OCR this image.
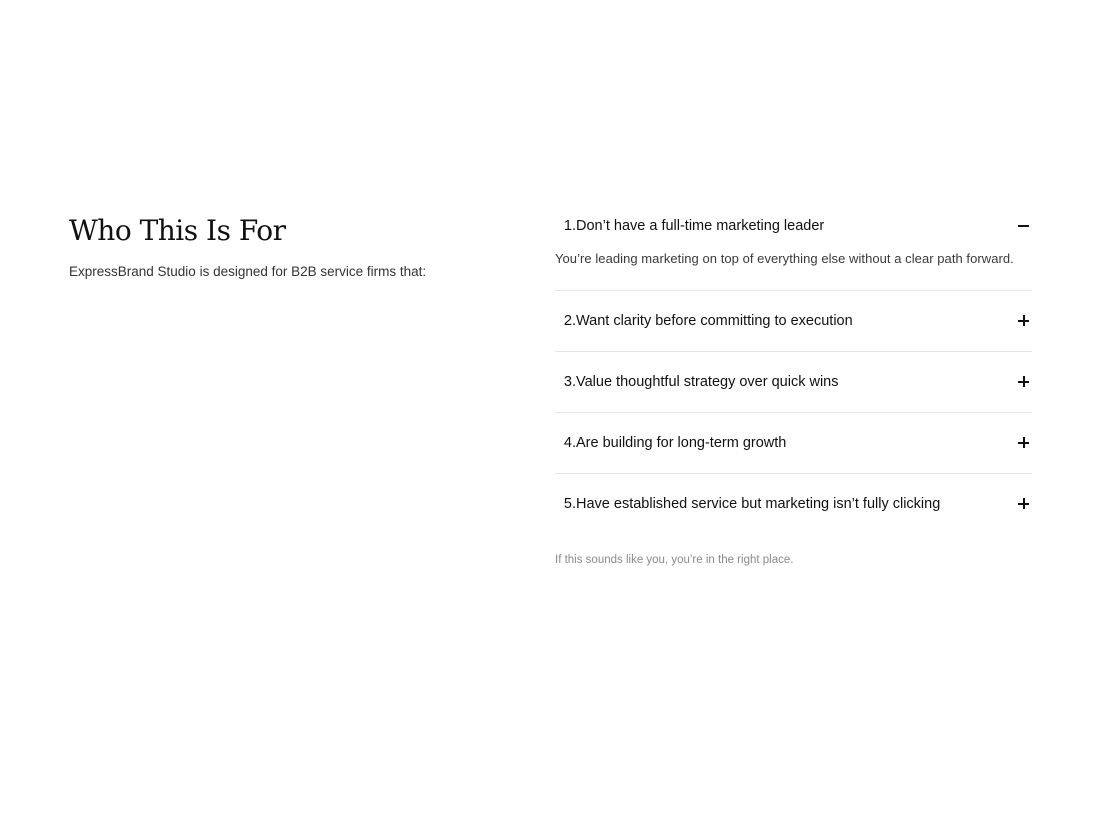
Who This Is For

ExpressBrand Studio is designed for B2B service firms that:

1. Don’t have a full-time marketing leader
You’re leading marketing on top of everything else without a clear path forward.
2. Want clarity before committing to execution
3. Value thoughtful strategy over quick wins
4. Are building for long-term growth
5. Have established service but marketing isn’t fully clicking
If this sounds like you, you’re in the right place.
